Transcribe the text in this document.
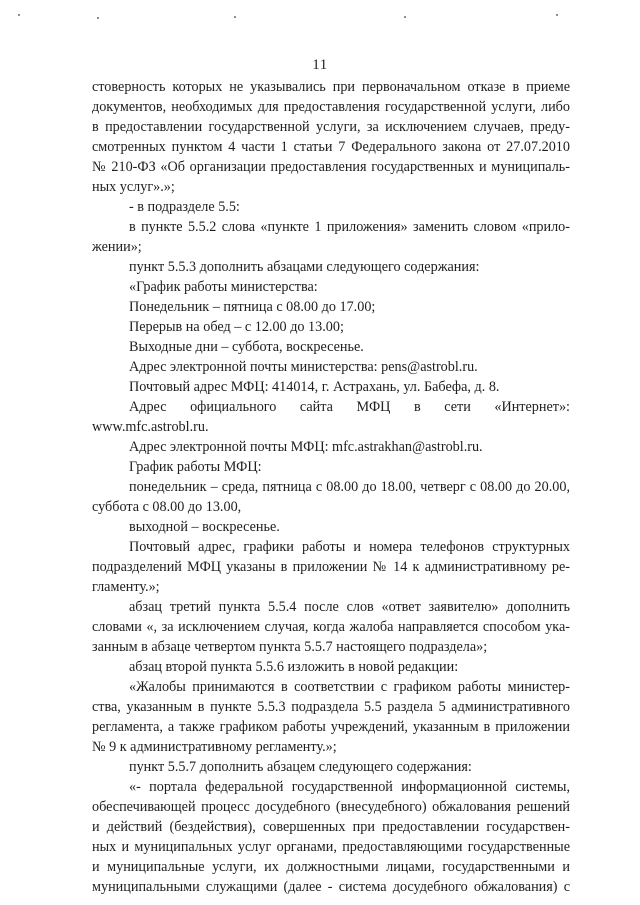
11
стоверность которых не указывались при первоначальном отказе в приеме
документов, необходимых для предоставления государственной услуги, либо
в предоставлении государственной услуги, за исключением случаев, преду-
смотренных пунктом 4 части 1 статьи 7 Федерального закона от 27.07.2010
№ 210-ФЗ «Об организации предоставления государственных и муниципаль-
ных услуг».»;
- в подразделе 5.5:
в пункте 5.5.2 слова «пункте 1 приложения» заменить словом «прило-
жении»;
пункт 5.5.3 дополнить абзацами следующего содержания:
«График работы министерства:
Понедельник – пятница с 08.00 до 17.00;
Перерыв на обед – с 12.00 до 13.00;
Выходные дни – суббота, воскресенье.
Адрес электронной почты министерства: pens@astrobl.ru.
Почтовый адрес МФЦ: 414014, г. Астрахань, ул. Бабефа, д. 8.
Адрес официального сайта МФЦ в сети «Интернет»:
www.mfc.astrobl.ru.
Адрес электронной почты МФЦ: mfc.astrakhan@astrobl.ru.
График работы МФЦ:
понедельник – среда, пятница с 08.00 до 18.00, четверг с 08.00 до 20.00,
суббота с 08.00 до 13.00,
выходной – воскресенье.
Почтовый адрес, графики работы и номера телефонов структурных
подразделений МФЦ указаны в приложении № 14 к административному ре-
гламенту.»;
абзац третий пункта 5.5.4 после слов «ответ заявителю» дополнить
словами «, за исключением случая, когда жалоба направляется способом ука-
занным в абзаце четвертом пункта 5.5.7 настоящего подраздела»;
абзац второй пункта 5.5.6 изложить в новой редакции:
«Жалобы принимаются в соответствии с графиком работы министер-
ства, указанным в пункте 5.5.3 подраздела 5.5 раздела 5 административного
регламента, а также графиком работы учреждений, указанным в приложении
№ 9 к административному регламенту.»;
пункт 5.5.7 дополнить абзацем следующего содержания:
«- портала федеральной государственной информационной системы,
обеспечивающей процесс досудебного (внесудебного) обжалования решений
и действий (бездействия), совершенных при предоставлении государствен-
ных и муниципальных услуг органами, предоставляющими государственные
и муниципальные услуги, их должностными лицами, государственными и
муниципальными служащими (далее - система досудебного обжалования) с
